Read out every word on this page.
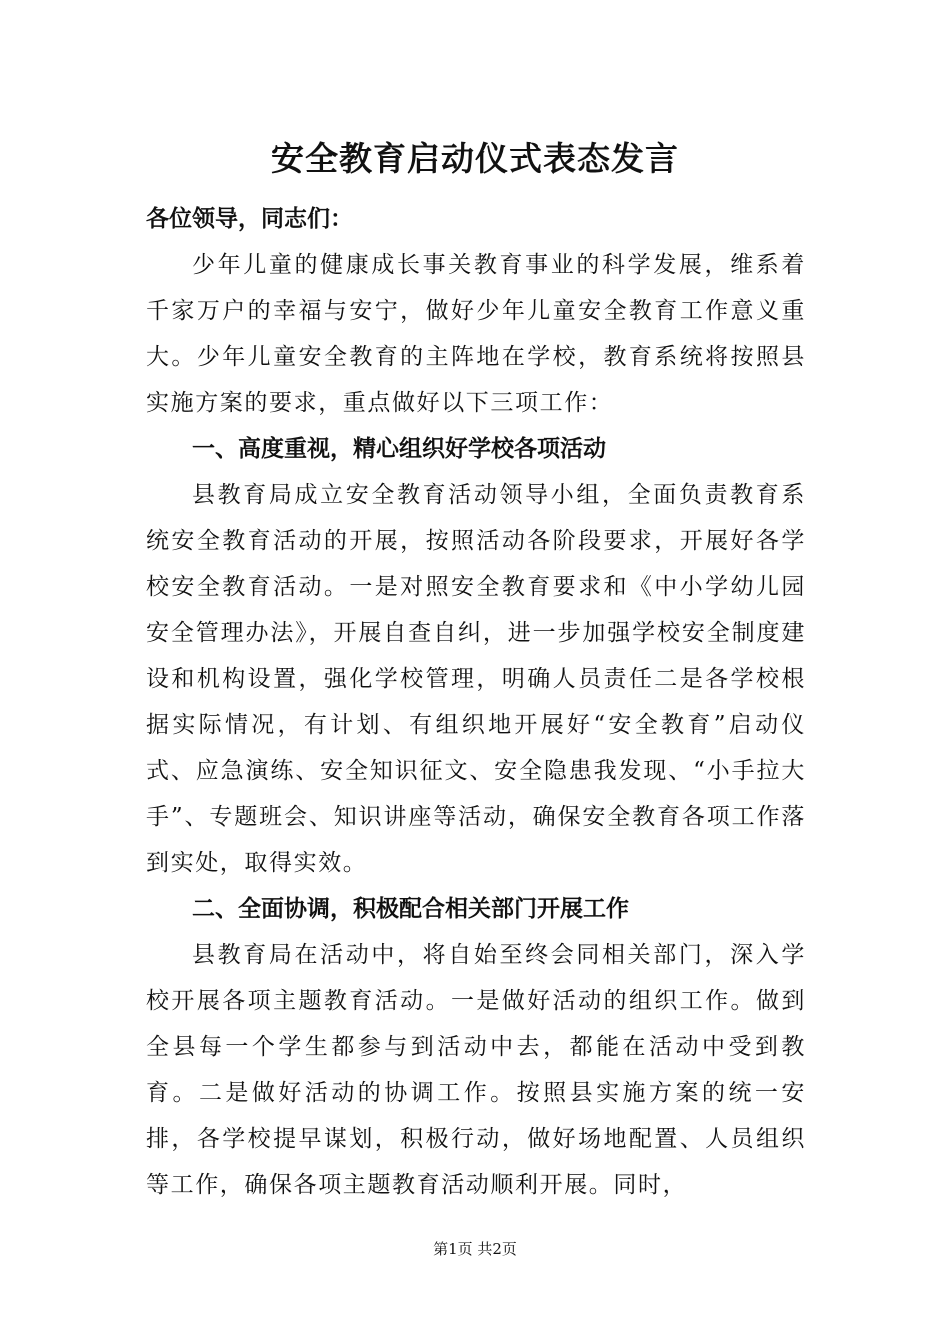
安全教育启动仪式表态发言

各位领导，同志们：

少年儿童的健康成长事关教育事业的科学发展，维系着千家万户的幸福与安宁，做好少年儿童安全教育工作意义重大。少年儿童安全教育的主阵地在学校，教育系统将按照县实施方案的要求，重点做好以下三项工作：

一、高度重视，精心组织好学校各项活动

县教育局成立安全教育活动领导小组，全面负责教育系统安全教育活动的开展，按照活动各阶段要求，开展好各学校安全教育活动。一是对照安全教育要求和《中小学幼儿园安全管理办法》，开展自查自纠，进一步加强学校安全制度建设和机构设置，强化学校管理，明确人员责任二是各学校根据实际情况，有计划、有组织地开展好“安全教育”启动仪式、应急演练、安全知识征文、安全隐患我发现、“小手拉大手”、专题班会、知识讲座等活动，确保安全教育各项工作落到实处，取得实效。

二、全面协调，积极配合相关部门开展工作

县教育局在活动中，将自始至终会同相关部门，深入学校开展各项主题教育活动。一是做好活动的组织工作。做到全县每一个学生都参与到活动中去，都能在活动中受到教育。二是做好活动的协调工作。按照县实施方案的统一安排，各学校提早谋划，积极行动，做好场地配置、人员组织等工作，确保各项主题教育活动顺利开展。同时，

第1页 共2页
